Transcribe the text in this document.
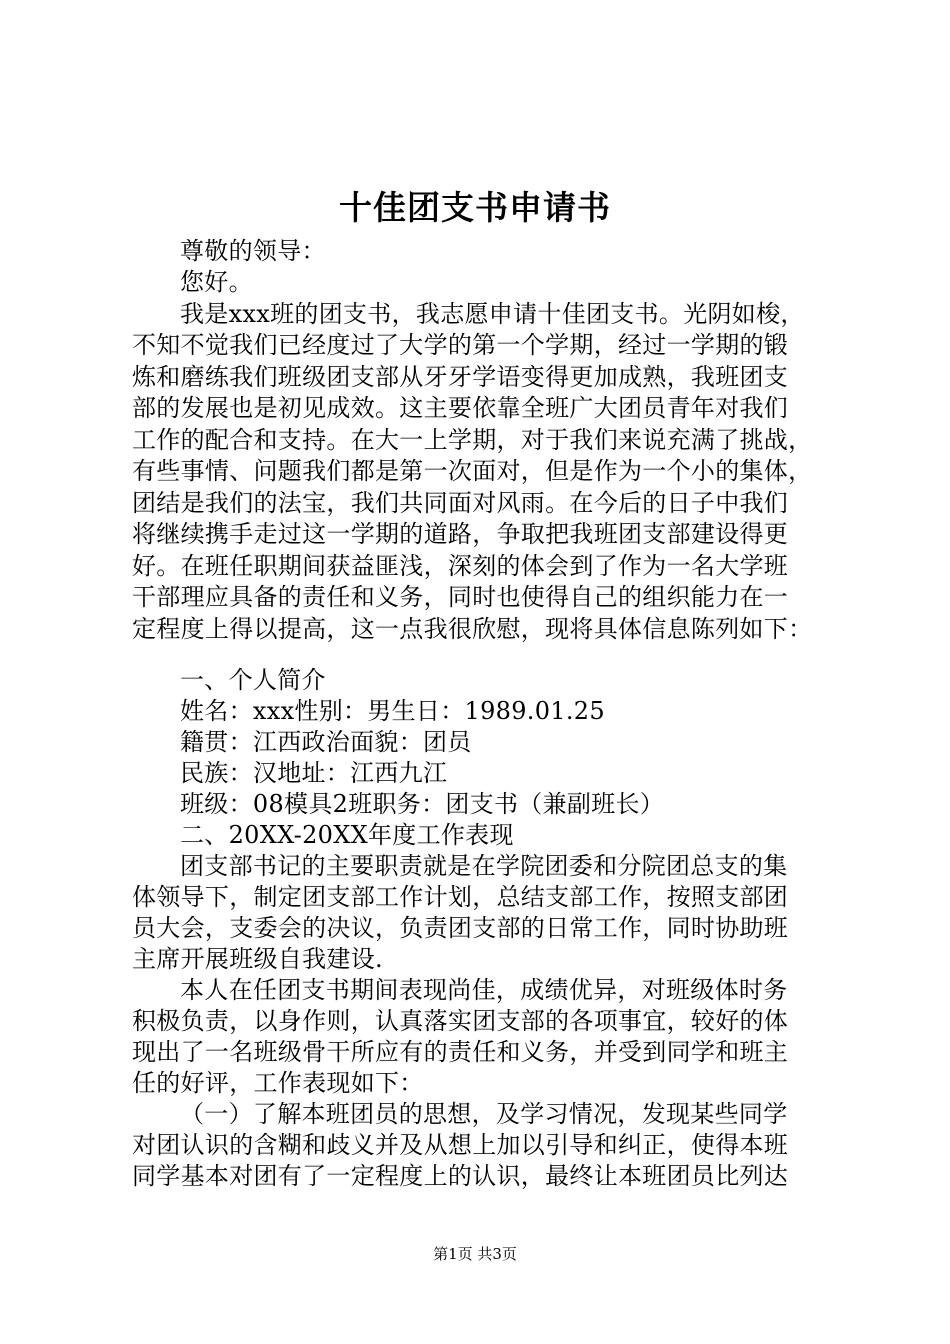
十佳团支书申请书
尊敬的领导：
您好。
我是xxx班的团支书，我志愿申请十佳团支书。光阴如梭，
不知不觉我们已经度过了大学的第一个学期，经过一学期的锻
炼和磨练我们班级团支部从牙牙学语变得更加成熟，我班团支
部的发展也是初见成效。这主要依靠全班广大团员青年对我们
工作的配合和支持。在大一上学期，对于我们来说充满了挑战，
有些事情、问题我们都是第一次面对，但是作为一个小的集体，
团结是我们的法宝，我们共同面对风雨。在今后的日子中我们
将继续携手走过这一学期的道路，争取把我班团支部建设得更
好。在班任职期间获益匪浅，深刻的体会到了作为一名大学班
干部理应具备的责任和义务，同时也使得自己的组织能力在一
定程度上得以提高，这一点我很欣慰，现将具体信息陈列如下：
一、个人简介
姓名：xxx性别：男生日：1989.01.25
籍贯：江西政治面貌：团员
民族：汉地址：江西九江
班级：08模具2班职务：团支书（兼副班长）
二、20XX-20XX年度工作表现
团支部书记的主要职责就是在学院团委和分院团总支的集
体领导下，制定团支部工作计划，总结支部工作，按照支部团
员大会，支委会的决议，负责团支部的日常工作，同时协助班
主席开展班级自我建设.
本人在任团支书期间表现尚佳，成绩优异，对班级体时务
积极负责，以身作则，认真落实团支部的各项事宜，较好的体
现出了一名班级骨干所应有的责任和义务，并受到同学和班主
任的好评，工作表现如下：
（一）了解本班团员的思想，及学习情况，发现某些同学
对团认识的含糊和歧义并及从想上加以引导和纠正，使得本班
同学基本对团有了一定程度上的认识，最终让本班团员比列达
第1页 共3页
